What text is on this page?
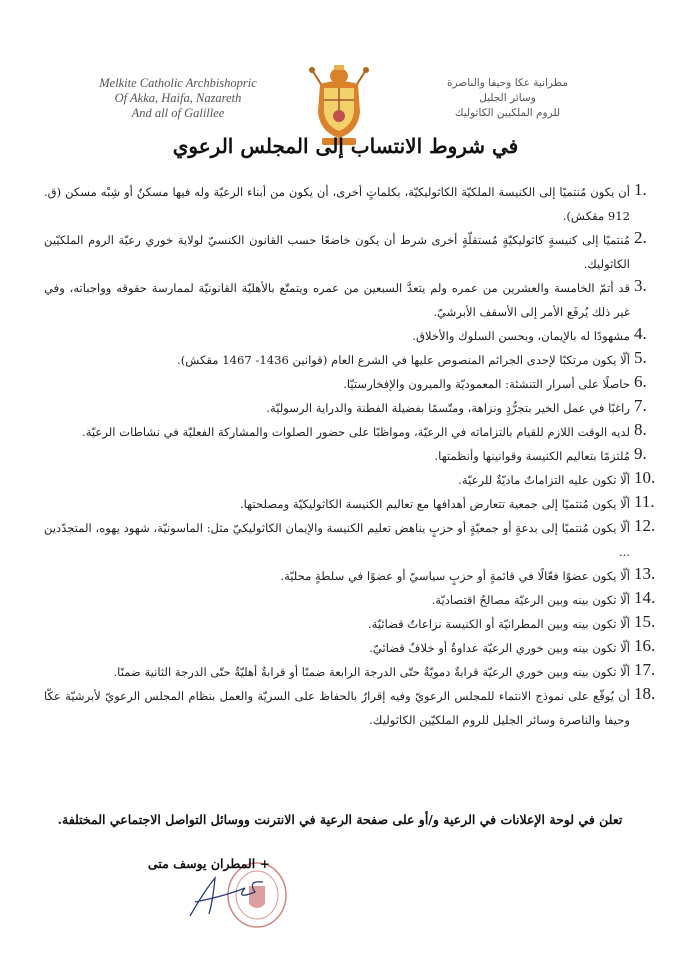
Melkite Catholic Archbishopric
Of Akka, Haifa, Nazareth
And all of Galillee
مطرانية عكا وحيفا والناصرة
وسائر الجليل
للروم الملكيين الكاثوليك
في شروط الانتساب إلى المجلس الرعوي
1.
أن يكون مُنتميًا إلى الكنيسة الملكيّة الكاثوليكيّة، بكلماتٍ أخرى، أن يكون من أبناء الرعيّة وله فيها مسكنٌ أو شِبْه مسكن (ق. 912 مقكش).
2.
مُنتميًا إلى كنيسةٍ كاثوليكيّةٍ مُستقلّةٍ أخرى شرط أن يكون خاضعًا حسب القانون الكنسيّ لولاية خوري رعيّة الروم الملكيّين الكاثوليك.
3.
قد أتمّ الخامسة والعشرين من عمره ولم يتعدَّ السبعين من عمره ويتمتّع بالأهليّة القانونيّة لممارسة حقوقه وواجباته، وفي غير ذلك يُرفَع الأمر إلى الأسقف الأبرشيّ.
4.
مشهودًا له بالإيمان، وبحسن السلوك والأخلاق.
5.
ألّا يكون مرتكبًا لإحدى الجرائم المنصوص عليها في الشرع العام (قوانين 1436- 1467 مقكش).
6.
حاصلًا على أسرار التنشئة: المعموديّة والميرون والإفخارستيّا.
7.
راغبًا في عمل الخير بتجرُّدٍ ونزاهة، ومتّسمًا بفضيلة الفطنة والدراية الرسوليّة.
8.
لديه الوقت اللازم للقيام بالتزاماته في الرعيّة، ومواظبًا على حضور الصلوات والمشاركة الفعليّة في نشاطات الرعيّة.
9.
مُلتزمًا بتعاليم الكنيسة وقوانينها وأنظمتها.
10.
ألّا تكون عليه التزاماتٌ ماديّةٌ للرعيّة.
11.
ألّا يكون مُنتميًا إلى جمعية تتعارض أهدافها مع تعاليم الكنيسة الكاثوليكيّة ومصلحتها.
12.
ألّا يكون مُنتميًا إلى بدعةٍ أو جمعيّةٍ أو حزبٍ يناهض تعليم الكنيسة والإيمان الكاثوليكيّ مثل: الماسونيّة، شهود يهوه، المتجدّدين ...
13.
ألّا يكون عضوًا فعّالًا في قائمةٍ أو حزبٍ سياسيّ أو عضوًا في سلطةٍ محليّة.
14.
ألّا تكون بينه وبين الرعيّة مصالحُ اقتصاديّة.
15.
ألّا تكون بينه وبين المطرانيّة أو الكنيسة نزاعاتٌ قضائيّة.
16.
ألّا تكون بينه وبين خوري الرعيّة عداوةٌ أو خلافٌ قضائيّ.
17.
ألّا تكون بينه وبين خوري الرعيّة قرابةٌ دمويّةٌ حتّى الدرجة الرابعة ضمنًا أو قرابةٌ أهليّةٌ حتّى الدرجة الثانية ضمنًا.
18.
أن يُوقّع على نموذج الانتماء للمجلس الرعويّ وفيه إقرارٌ بالحفاظ على السريّة والعمل بنظام المجلس الرعويّ لأبرشيّة عكّا وحيفا والناصرة وسائر الجليل للروم الملكيّين الكاثوليك.
تعلن في لوحة الإعلانات في الرعية و/أو على صفحة الرعية في الانترنت ووسائل التواصل الاجتماعي المختلفة.
+ المطران يوسف متى
